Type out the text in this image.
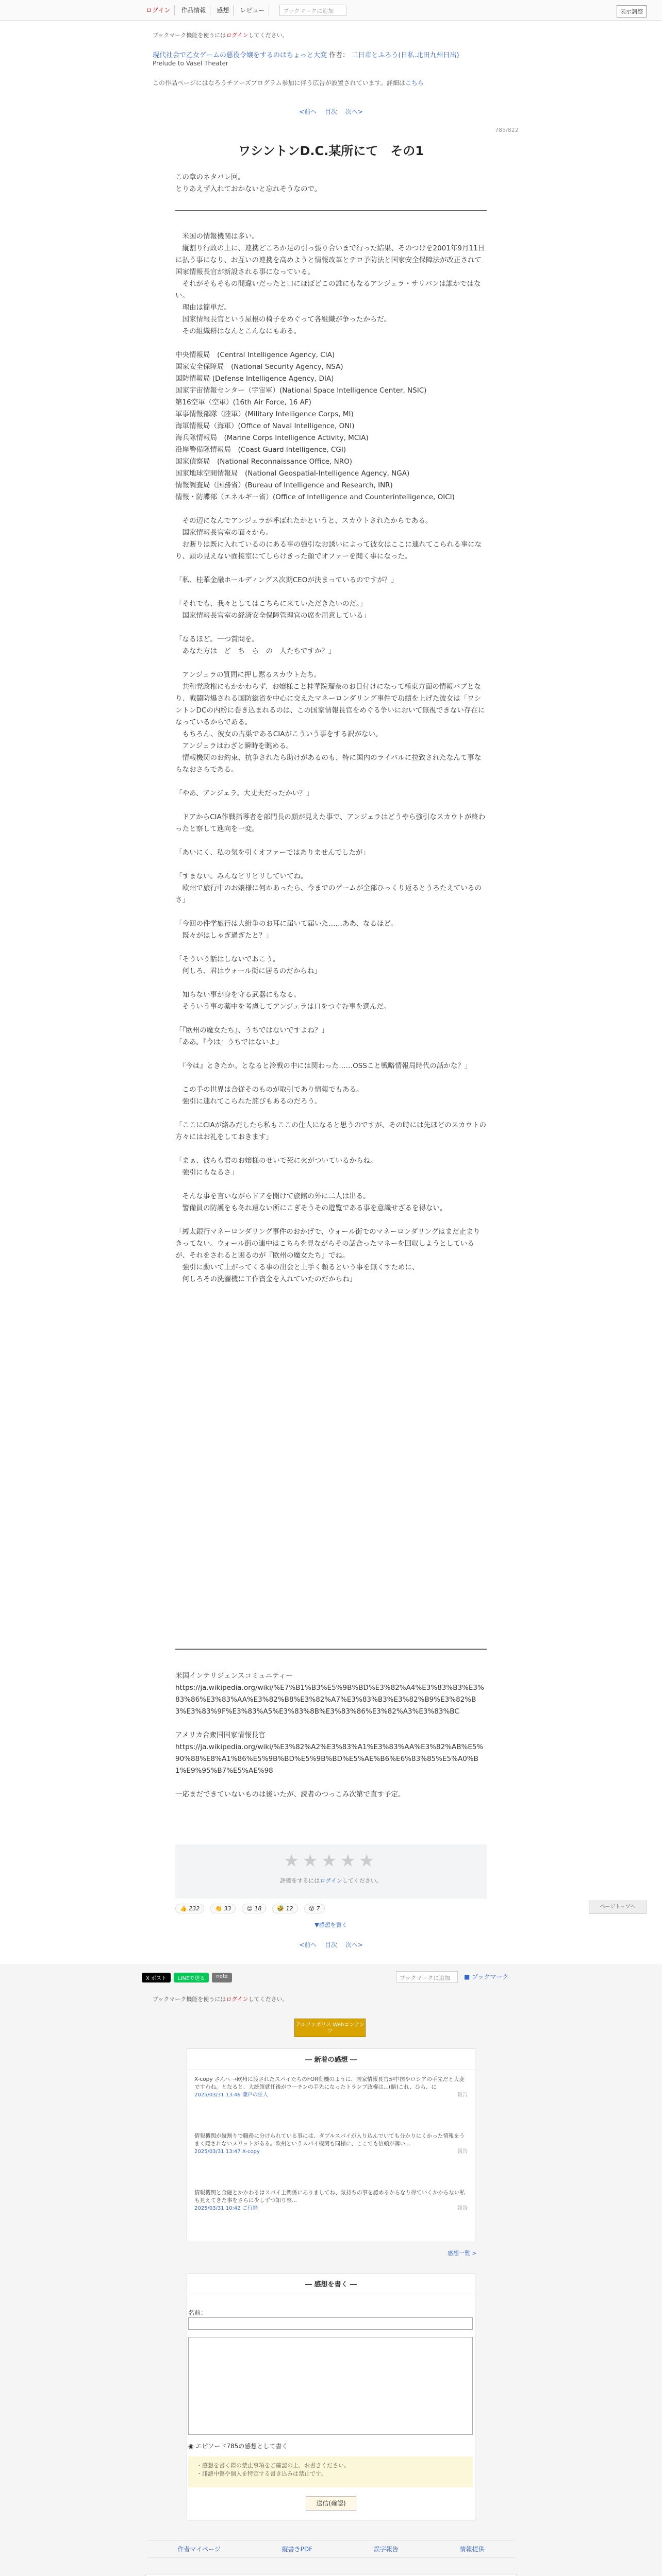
ログイン	作品情報	感想	レビュー	ブックマークに追加	表示調整
ブックマーク機能を使うにはログインしてください。
現代社会で乙女ゲームの悪役令嬢をするのはちょっと大変 作者： 二日市とふろう(日私.北田九州日出)
Prelude to Vasel Theater
この作品ページにはなろうチアーズプログラム参加に伴う広告が設置されています。詳細はこちら
<前へ 目次 次へ>
785/822
ワシントンD.C.某所にて　その1

この章のネタバレ回。

とりあえず入れておかないと忘れそうなので。

　米国の情報機関は多い。

　縦割り行政の上に、連携どころか足の引っ張り合いまで行った結果、そのつけを2001年9月11日に払う事になり、お互いの連携を高めようと情報改革とテロ予防法と国家安全保障法が改正されて国家情報長官が新設される事になっている。

　それがそもそもの間違いだったと口にほぼどこの誰にもなるアンジェラ・サリバンは誰かではない。

　理由は簡単だ。

　国家情報長官という屋根の椅子をめぐって各組織が争ったからだ。

　その組織群はなんとこんなにもある。

中央情報局　(Central Intelligence Agency, CIA)

国家安全保障局　(National Security Agency, NSA)

国防情報局 (Defense Intelligence Agency, DIA)

国家宇宙情報センター（宇宙軍）(National Space Intelligence Center, NSIC)

第16空軍（空軍）(16th Air Force, 16 AF)

軍事情報部隊（陸軍）(Military Intelligence Corps, MI)

海軍情報局（海軍）(Office of Naval Intelligence, ONI)

海兵隊情報局　(Marine Corps Intelligence Activity, MCIA)

沿岸警備隊情報局　(Coast Guard Intelligence, CGI)

国家偵察局　(National Reconnaissance Office, NRO)

国家地球空間情報局　(National Geospatial-Intelligence Agency, NGA)

情報調査局（国務省）(Bureau of Intelligence and Research, INR)

情報・防諜部（エネルギー省）(Office of Intelligence and Counterintelligence, OICI)

　その辺になんでアンジェラが呼ばれたかというと、スカウトされたからである。

　国家情報長官室の面々から。

　お断りは既に入れているのにある事の強引なお誘いによって彼女はここに連れてこられる事になり、頭の見えない面接室にてしらけきった顔でオファーを聞く事になった。

「私、桂華金融ホールディングス次期CEOが決まっているのですが？」

「それでも、我々としてはこちらに来ていただきたいのだ。」

　国家情報長官室の経済安全保障管理官の席を用意している」

「なるほど。一つ質問を。

　あなた方は　ど　ち　ら　の　人たちですか？」

　アンジェラの質問に押し黙るスカウトたち。

　共和党政権にもかかわらず、お嬢様こと桂華院瑠奈のお目付けになって極東方面の情報バブとなり、戦闘防爆される国防総省を中心に交えたマネーロンダリング事件で功績を上げた彼女は「ワシントンDCの内紛に巻き込まれるのは、この国家情報長官をめぐる争いにおいて無視できない存在になっているからである。

　もちろん、彼女の古巣であるCIAがこういう事をする訳がない。

　アンジェラはわざと瞬時を眺める。

　情報機関のお約束、抗争されたら助けがあるのも、特に国内のライバルに拉致されたなんて事ならなおさらである。

「やあ、アンジェラ。大丈夫だったかい？」

　ドアからCIA作戦指導者を部門長の顔が見えた事で、アンジェラはどうやら強引なスカウトが終わったと察して進向を一変。

「あいにく、私の気を引くオファーではありませんでしたが」

「すまない。みんなピリピリしていてね。

　欧州で旅行中のお嬢様に何かあったら、今までのゲームが全部ひっくり返るとうろたえているのさ」

「今回の件学旅行は大紛争のお耳に届いて届いた……ああ、なるほど。

　既々がはしゃぎ過ぎたと？」

「そういう話はしないでおこう。

　何しろ、君はウォール街に居るのだからね」

　知らない事が身を守る武器にもなる。

　そういう事の薬中を考慮してアンジェラは口をつぐむ事を選んだ。

「『欧州の魔女たち』、うちではないですよね？」

「ああ。『今は』うちではないよ」

　『今は』ときたか。となると冷戦の中には関わった……OSSこと戦略情報局時代の話かな？」

　この手の世界は合従そのものが取引であり情報でもある。

　強引に連れてこられた詫びもあるのだろう。

「ここにCIAが絡みだしたら私もここの仕人になると思うのですが、その時には先ほどのスカウトの方々にはお礼をしておきます」

「まぁ、彼らも君のお嬢様のせいで死に火がついているからね。

　強引にもなるさ」

　そんな事を言いながらドアを開けて旅館の外に二人は出る。

　警備員の防護をも冬れ遠ない所にこぎそうその遊覧である事を意識せざるを得ない。

「縛太銀行マネーロンダリング事件のおかげで、ウォール街でのマネーロンダリングはまだ止まりきってない。ウォール街の連中はこちらを見ながらその話合ったマネーを回収しようとしているが、それをされると困るのが『欧州の魔女たち』でね。

　強引に動いて上がってくる事の出会と上手く頼るという事を無くすために、

　何しろその洗濯機に工作資金を入れていたのだからね」

米国インテリジェンスコミュニティー

https://ja.wikipedia.org/wiki/%E7%B1%B3%E5%9B%BD%E3%82%A4%E3%83%B3%E3%83%86%E3%83%AA%E3%82%B8%E3%82%A7%E3%83%B3%E3%82%B9%E3%82%B3%E3%83%9F%E3%83%A5%E3%83%8B%E3%83%86%E3%82%A3%E3%83%BC

アメリカ合衆国国家情報長官

https://ja.wikipedia.org/wiki/%E3%82%A2%E3%83%A1%E3%83%AA%E3%82%AB%E5%90%88%E8%A1%86%E5%9B%BD%E5%9B%BD%E5%AE%B6%E6%83%85%E5%A0%B1%E9%95%B7%E5%AE%98

一応まだできていないものは後いたが、読者のつっこみ次第で直す予定。

★★★★★
評価をするにはログインしてください。
👍 232	👏 33	😊 18	🤣 12	😮 7
▼感想を書く
ページトップへ
<前へ 目次 次へ>
X ポスト	LINEで送る	note	ブックマークに追加	■ ブックマーク
ブックマーク機能を使うにはログインしてください。
アルファポリス Webコンテンツ
― 新着の感想 ―
X-copy さんへ →欧州に渡されたスパイたちのFOR動機のように、国家情報長官が中国やロシアの手先だと大変ですわね。となると、大統領就任後がウーチンの手先になったトランプ政権は...(略)これ、ひら、に
2025/03/31 13:46 潮戸の住人	報告
情報機関が縦割りで職務に分けられている事には、ダブルスパイが入り込んでいても分かりにくかった情報をうまく隠されないメリットがある。欧州というスパイ機関も同様に、ここでも信頼が薄い...
2025/03/31 13:47 X-copy	報告
情報機関と金融とかかわるはスパイ上関係にありましてね、気持ちの事を認めるからなり得ていくかからない私も見えてきた事をさらに少しずつ知り整...
2025/03/31 10:42 ご行経	報告
感想一覧 >
― 感想を書く ―
名前：
◉ エピソード785の感想として書く
・感想を書く際の禁止事項をご確認の上、お書きください。
・誹謗中傷や個人を特定する書き込みは禁止です。
送信(確認)
作者マイページ	縦書きPDF	誤字報告	情報提供
